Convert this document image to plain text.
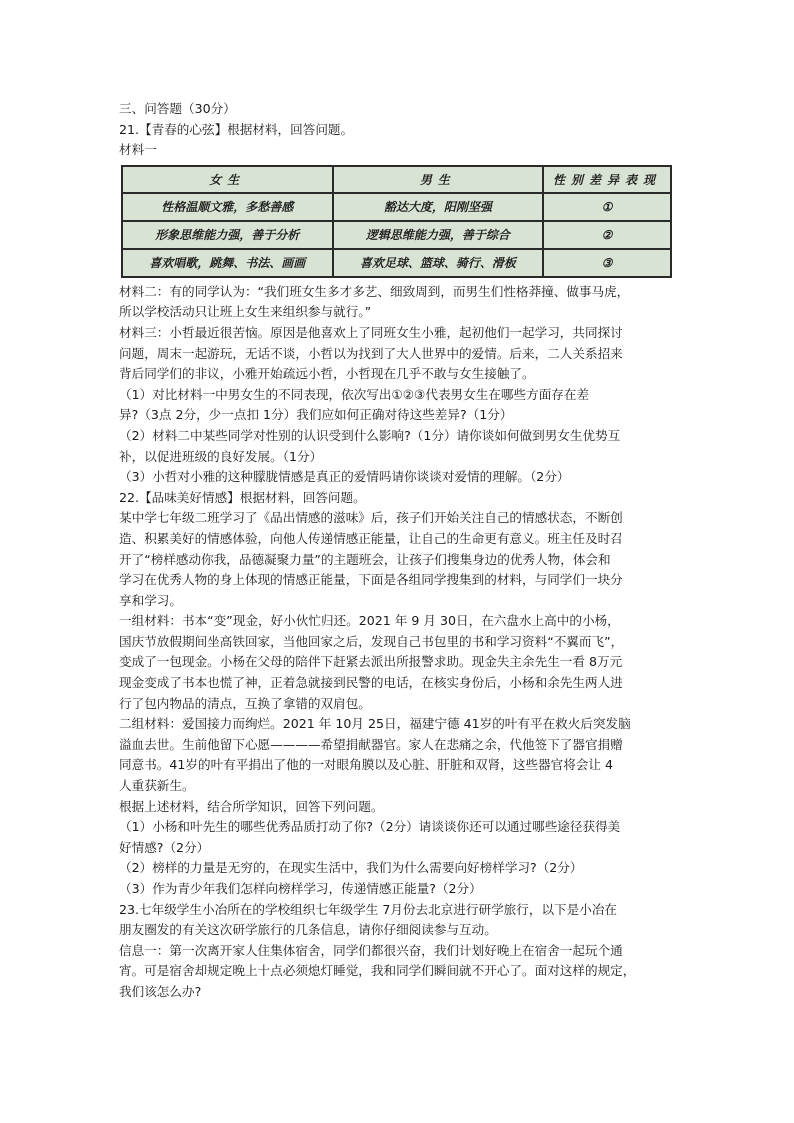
三、问答题（30分）
21.【青春的心弦】根据材料，回答问题。
材料一
女生	男生	性别差异表现
性格温顺文雅，多愁善感	豁达大度，阳刚坚强	①
形象思维能力强，善于分析	逻辑思维能力强，善于综合	②
喜欢唱歌，跳舞、书法、画画	喜欢足球、篮球、骑行、滑板	③
材料二：有的同学认为：“我们班女生多才多艺、细致周到，而男生们性格莽撞、做事马虎，
所以学校活动只让班上女生来组织参与就行。”
材料三：小哲最近很苦恼。原因是他喜欢上了同班女生小雅，起初他们一起学习，共同探讨
问题，周末一起游玩，无话不谈，小哲以为找到了大人世界中的爱情。后来，二人关系招来
背后同学们的非议，小雅开始疏远小哲，小哲现在几乎不敢与女生接触了。
（1）对比材料一中男女生的不同表现，依次写出①②③代表男女生在哪些方面存在差
异?（3点 2分，少一点扣 1分）我们应如何正确对待这些差异?（1分）
（2）材料二中某些同学对性别的认识受到什么影响?（1分）请你谈如何做到男女生优势互
补，以促进班级的良好发展。（1分）
（3）小哲对小雅的这种朦胧情感是真正的爱情吗请你谈谈对爱情的理解。（2分）
22.【品味美好情感】根据材料，回答问题。
某中学七年级二班学习了《品出情感的滋味》后，孩子们开始关注自己的情感状态，不断创
造、积累美好的情感体验，向他人传递情感正能量，让自己的生命更有意义。班主任及时召
开了“榜样感动你我，品德凝聚力量”的主题班会，让孩子们搜集身边的优秀人物，体会和
学习在优秀人物的身上体现的情感正能量，下面是各组同学搜集到的材料，与同学们一块分
享和学习。
一组材料：书本“变”现金，好小伙忙归还。2021 年 9 月 30日，在六盘水上高中的小杨，
国庆节放假期间坐高铁回家，当他回家之后，发现自己书包里的书和学习资料“不翼而飞”，
变成了一包现金。小杨在父母的陪伴下赶紧去派出所报警求助。现金失主余先生一看 8万元
现金变成了书本也慌了神，正着急就接到民警的电话，在核实身份后，小杨和余先生两人进
行了包内物品的清点，互换了拿错的双肩包。
二组材料：爱国接力而绚烂。2021 年 10月 25日，福建宁德 41岁的叶有平在救火后突发脑
溢血去世。生前他留下心愿————希望捐献器官。家人在悲痛之余，代他签下了器官捐赠
同意书。41岁的叶有平捐出了他的一对眼角膜以及心脏、肝脏和双肾，这些器官将会让 4
人重获新生。
根据上述材料，结合所学知识，回答下列问题。
（1）小杨和叶先生的哪些优秀品质打动了你?（2分）请谈谈你还可以通过哪些途径获得美
好情感?（2分）
（2）榜样的力量是无穷的，在现实生活中，我们为什么需要向好榜样学习?（2分）
（3）作为青少年我们怎样向榜样学习，传递情感正能量?（2分）
23.七年级学生小冶所在的学校组织七年级学生 7月份去北京进行研学旅行，以下是小冶在
朋友圈发的有关这次研学旅行的几条信息，请你仔细阅读参与互动。
信息一：第一次离开家人住集体宿舍，同学们都很兴奋，我们计划好晚上在宿舍一起玩个通
宵。可是宿舍却规定晚上十点必须熄灯睡觉，我和同学们瞬间就不开心了。面对这样的规定，
我们该怎么办?
